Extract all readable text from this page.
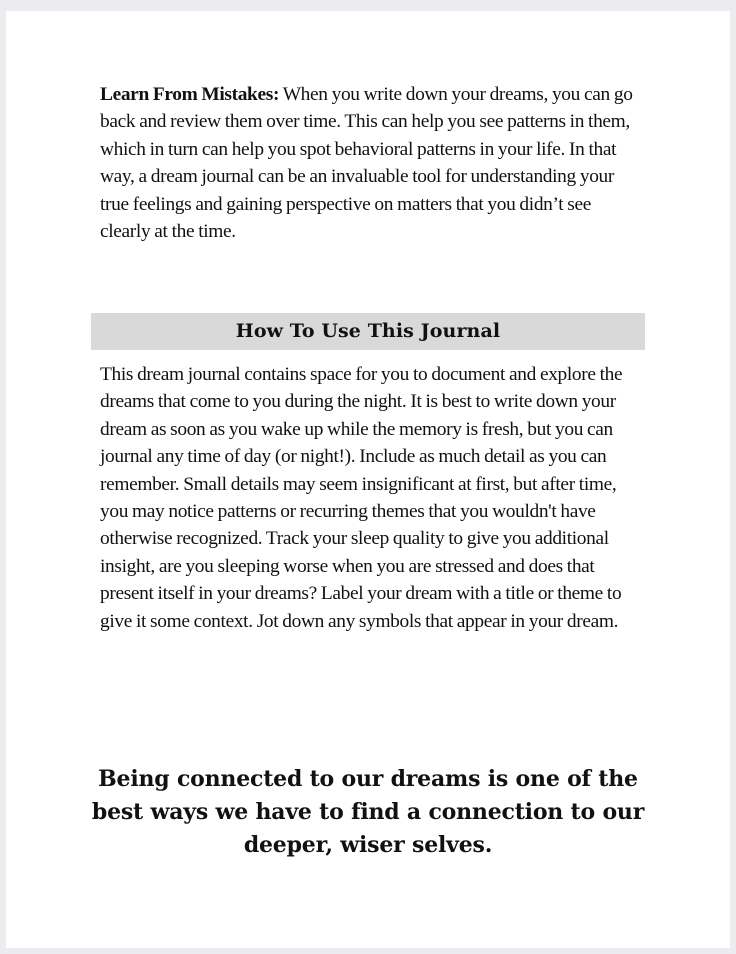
Learn From Mistakes: When you write down your dreams, you can go back and review them over time. This can help you see patterns in them, which in turn can help you spot behavioral patterns in your life. In that way, a dream journal can be an invaluable tool for understanding your true feelings and gaining perspective on matters that you didn’t see clearly at the time.

How To Use This Journal

This dream journal contains space for you to document and explore the dreams that come to you during the night. It is best to write down your dream as soon as you wake up while the memory is fresh, but you can journal any time of day (or night!). Include as much detail as you can remember. Small details may seem insignificant at first, but after time, you may notice patterns or recurring themes that you wouldn't have otherwise recognized. Track your sleep quality to give you additional insight, are you sleeping worse when you are stressed and does that present itself in your dreams? Label your dream with a title or theme to give it some context. Jot down any symbols that appear in your dream.

Being connected to our dreams is one of the best ways we have to find a connection to our deeper, wiser selves.
